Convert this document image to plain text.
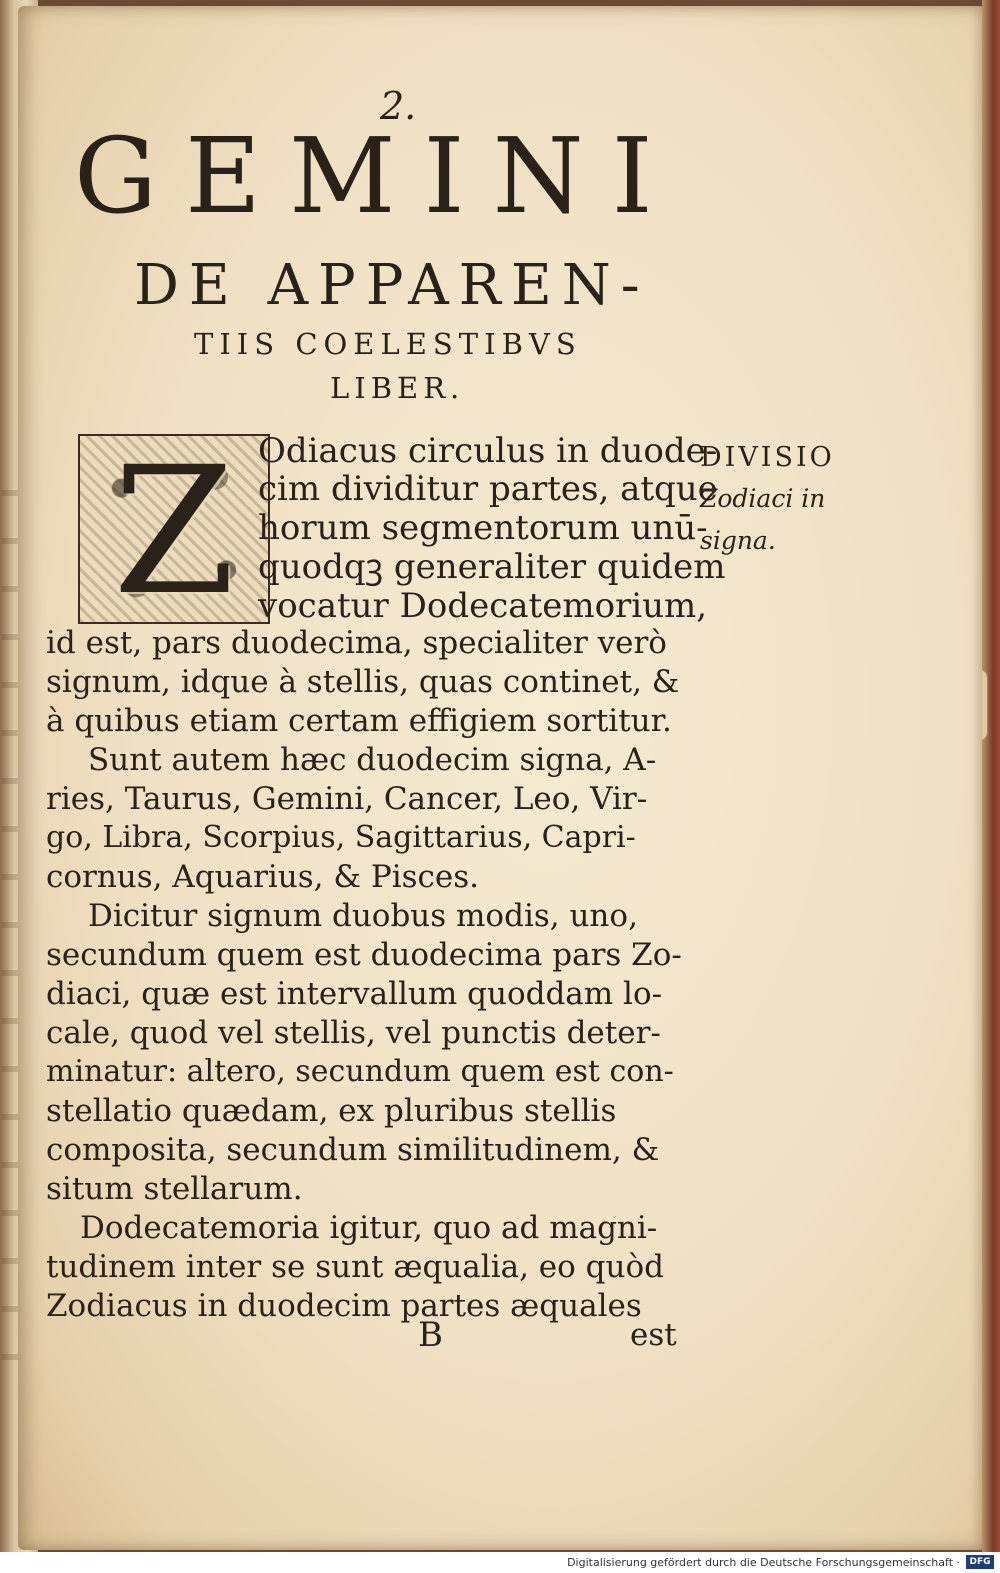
2.
GEMINI
DE APPAREN-
TIIS COELESTIBVS
LIBER.
Z Odiacus circulus in duode-
cim dividitur partes, atque
horum segmentorum unū-
quodqꝫ generaliter quidem
vocatur Dodecatemorium,
id est, pars duodecima, specialiter verò
signum, idque à stellis, quas continet, &
à quibus etiam certam effigiem sortitur.
Sunt autem hæc duodecim signa, A-
ries, Taurus, Gemini, Cancer, Leo, Vir-
go, Libra, Scorpius, Sagittarius, Capri-
cornus, Aquarius, & Pisces.
Dicitur signum duobus modis, uno,
secundum quem est duodecima pars Zo-
diaci, quæ est intervallum quoddam lo-
cale, quod vel stellis, vel punctis deter-
minatur: altero, secundum quem est con-
stellatio quædam, ex pluribus stellis
composita, secundum similitudinem, &
situm stellarum.
Dodecatemoria igitur, quo ad magni-
tudinem inter se sunt æqualia, eo quòd
Zodiacus in duodecim partes æquales
B	est
DIVISIO
Zodiaci in
signa.
Digitalisierung gefördert durch die Deutsche Forschungsgemeinschaft ·	DFG
